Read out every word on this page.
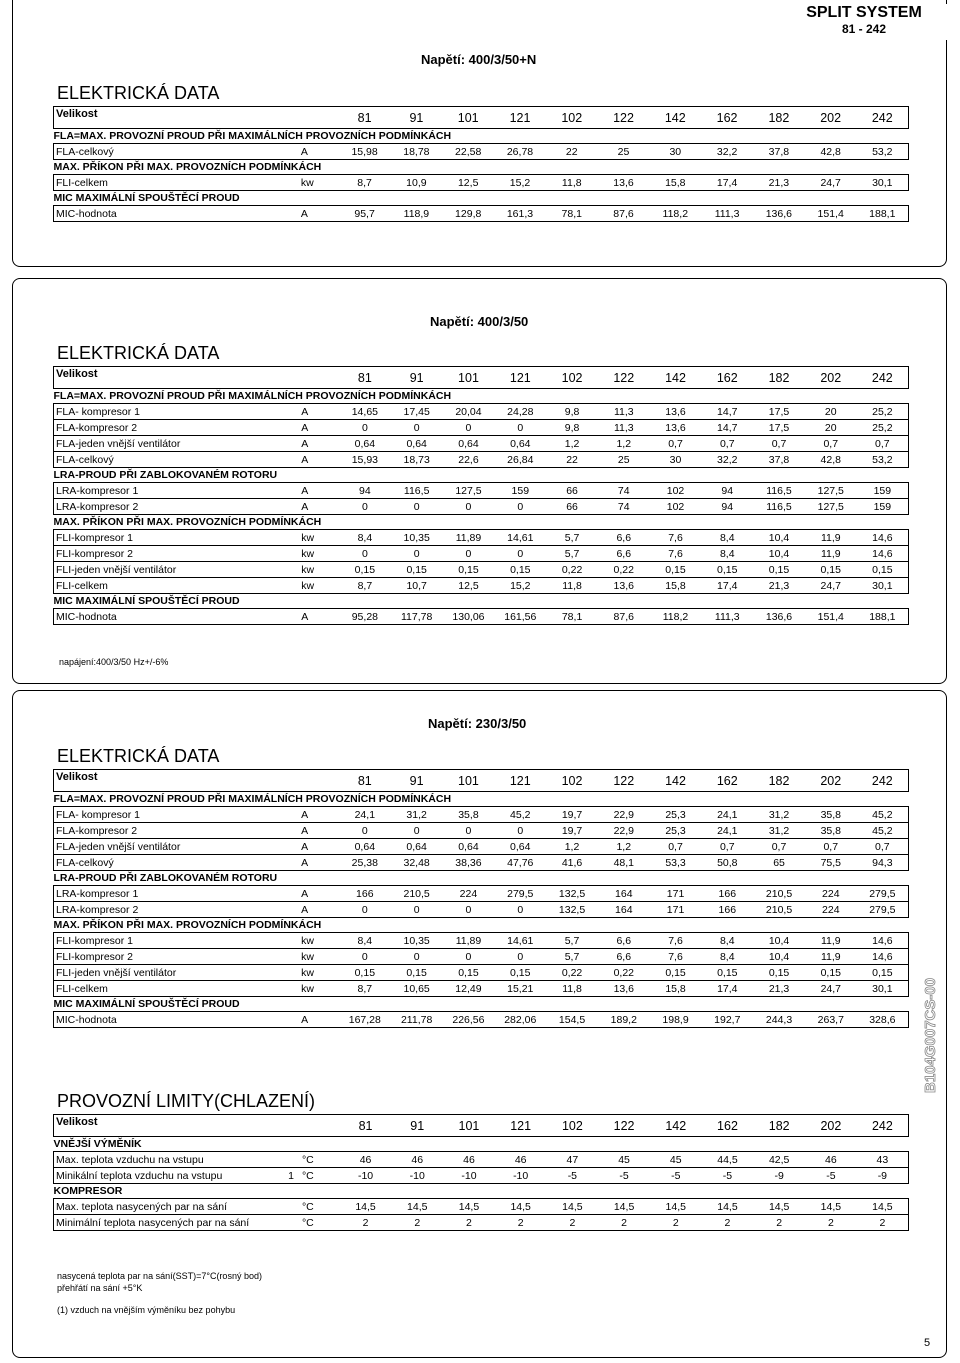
SPLIT SYSTEM
81 - 242
Napětí: 400/3/50+N
ELEKTRICKÁ DATA
Velikost		81	91	101	121	102	122	142	162	182	202	242
FLA=MAX. PROVOZNÍ PROUD PŘI MAXIMÁLNÍCH PROVOZNÍCH PODMÍNKÁCH												
FLA-celkový	A	15,98	18,78	22,58	26,78	22	25	30	32,2	37,8	42,8	53,2
MAX. PŘÍKON PŘI MAX. PROVOZNÍCH PODMÍNKÁCH												
FLI-celkem	kw	8,7	10,9	12,5	15,2	11,8	13,6	15,8	17,4	21,3	24,7	30,1
MIC MAXIMÁLNÍ SPOUŠTĚCÍ PROUD												
MIC-hodnota	A	95,7	118,9	129,8	161,3	78,1	87,6	118,2	111,3	136,6	151,4	188,1
Napětí: 400/3/50
ELEKTRICKÁ DATA
Velikost		81	91	101	121	102	122	142	162	182	202	242
FLA=MAX. PROVOZNÍ PROUD PŘI MAXIMÁLNÍCH PROVOZNÍCH PODMÍNKÁCH												
FLA- kompresor 1	A	14,65	17,45	20,04	24,28	9,8	11,3	13,6	14,7	17,5	20	25,2
FLA-kompresor 2	A	0	0	0	0	9,8	11,3	13,6	14,7	17,5	20	25,2
FLA-jeden vnější ventilátor	A	0,64	0,64	0,64	0,64	1,2	1,2	0,7	0,7	0,7	0,7	0,7
FLA-celkový	A	15,93	18,73	22,6	26,84	22	25	30	32,2	37,8	42,8	53,2
LRA-PROUD PŘI ZABLOKOVANÉM ROTORU												
LRA-kompresor 1	A	94	116,5	127,5	159	66	74	102	94	116,5	127,5	159
LRA-kompresor 2	A	0	0	0	0	66	74	102	94	116,5	127,5	159
MAX. PŘÍKON PŘI MAX. PROVOZNÍCH PODMÍNKÁCH												
FLI-kompresor 1	kw	8,4	10,35	11,89	14,61	5,7	6,6	7,6	8,4	10,4	11,9	14,6
FLI-kompresor 2	kw	0	0	0	0	5,7	6,6	7,6	8,4	10,4	11,9	14,6
FLI-jeden vnější ventilátor	kw	0,15	0,15	0,15	0,15	0,22	0,22	0,15	0,15	0,15	0,15	0,15
FLI-celkem	kw	8,7	10,7	12,5	15,2	11,8	13,6	15,8	17,4	21,3	24,7	30,1
MIC MAXIMÁLNÍ SPOUŠTĚCÍ PROUD												
MIC-hodnota	A	95,28	117,78	130,06	161,56	78,1	87,6	118,2	111,3	136,6	151,4	188,1
napájení:400/3/50 Hz+/-6%
Napětí: 230/3/50
ELEKTRICKÁ DATA
Velikost		81	91	101	121	102	122	142	162	182	202	242
FLA=MAX. PROVOZNÍ PROUD PŘI MAXIMÁLNÍCH PROVOZNÍCH PODMÍNKÁCH												
FLA- kompresor 1	A	24,1	31,2	35,8	45,2	19,7	22,9	25,3	24,1	31,2	35,8	45,2
FLA-kompresor 2	A	0	0	0	0	19,7	22,9	25,3	24,1	31,2	35,8	45,2
FLA-jeden vnější ventilátor	A	0,64	0,64	0,64	0,64	1,2	1,2	0,7	0,7	0,7	0,7	0,7
FLA-celkový	A	25,38	32,48	38,36	47,76	41,6	48,1	53,3	50,8	65	75,5	94,3
LRA-PROUD PŘI ZABLOKOVANÉM ROTORU												
LRA-kompresor 1	A	166	210,5	224	279,5	132,5	164	171	166	210,5	224	279,5
LRA-kompresor 2	A	0	0	0	0	132,5	164	171	166	210,5	224	279,5
MAX. PŘÍKON PŘI MAX. PROVOZNÍCH PODMÍNKÁCH												
FLI-kompresor 1	kw	8,4	10,35	11,89	14,61	5,7	6,6	7,6	8,4	10,4	11,9	14,6
FLI-kompresor 2	kw	0	0	0	0	5,7	6,6	7,6	8,4	10,4	11,9	14,6
FLI-jeden vnější ventilátor	kw	0,15	0,15	0,15	0,15	0,22	0,22	0,15	0,15	0,15	0,15	0,15
FLI-celkem	kw	8,7	10,65	12,49	15,21	11,8	13,6	15,8	17,4	21,3	24,7	30,1
MIC MAXIMÁLNÍ SPOUŠTĚCÍ PROUD												
MIC-hodnota	A	167,28	211,78	226,56	282,06	154,5	189,2	198,9	192,7	244,3	263,7	328,6
PROVOZNÍ LIMITY(CHLAZENÍ)
Velikost		81	91	101	121	102	122	142	162	182	202	242
VNĚJŠÍ VÝMĚNÍK												
Max. teplota vzduchu na vstupu	°C	46	46	46	46	47	45	45	44,5	42,5	46	43
Minikální teplota vzduchu na vstupu 1	°C	-10	-10	-10	-10	-5	-5	-5	-5	-9	-5	-9
KOMPRESOR												
Max. teplota nasycených par na sání	°C	14,5	14,5	14,5	14,5	14,5	14,5	14,5	14,5	14,5	14,5	14,5
Minimální teplota nasycených par na sání	°C	2	2	2	2	2	2	2	2	2	2	2
nasycená teplota par na sání(SST)=7°C(rosný bod)
přehřátí na sání +5°K
(1) vzduch na vnějším výměníku bez pohybu
B104G007CS-00
5
